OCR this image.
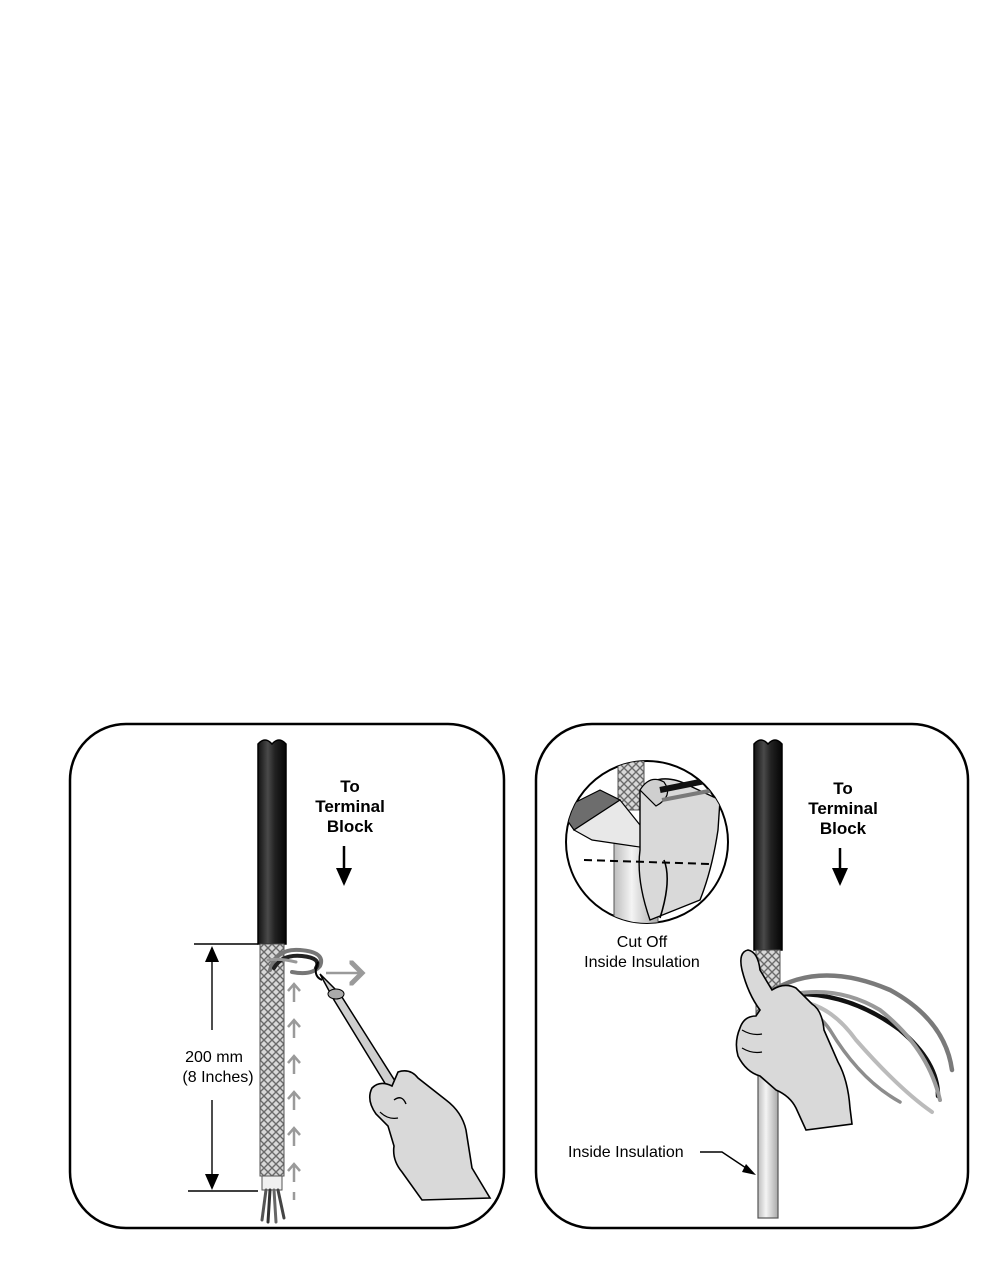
To
Terminal
Block
200 mm
(8 Inches)
To
Terminal
Block
Cut Off
Inside Insulation
Inside Insulation
